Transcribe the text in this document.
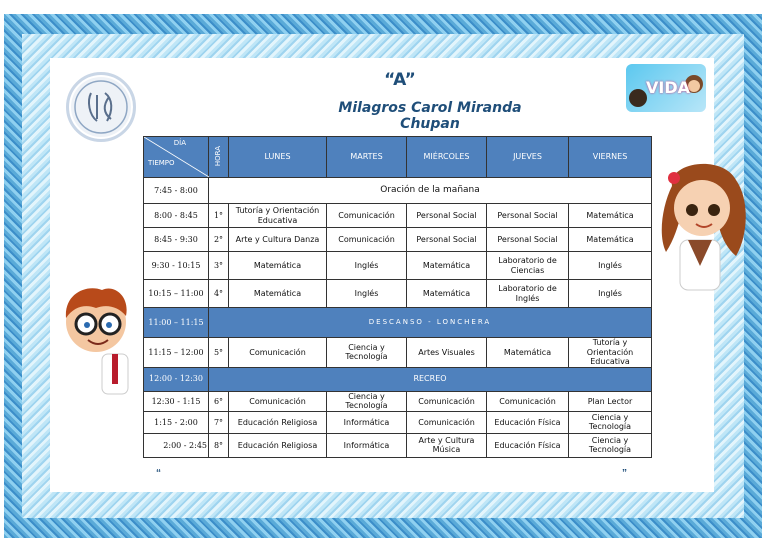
“A”
Milagros Carol Miranda Chupan
VIDA
DÍA
TIEMPO	HORA	LUNES	MARTES	MIÉRCOLES	JUEVES	VIERNES
7:45 - 8:00	Oración de la mañana					
8:00 - 8:45	1°	Tutoría y Orientación Educativa	Comunicación	Personal Social	Personal Social	Matemática
8:45 - 9:30	2°	Arte y Cultura Danza	Comunicación	Personal Social	Personal Social	Matemática
9:30 - 10:15	3°	Matemática	Inglés	Matemática	Laboratorio de Ciencias	Inglés
10:15 – 11:00	4°	Matemática	Inglés	Matemática	Laboratorio de Inglés	Inglés
11:00 – 11:15	DESCANSO - LONCHERA					
11:15 – 12:00	5°	Comunicación	Ciencia y Tecnología	Artes Visuales	Matemática	Tutoría y Orientación Educativa
12:00 - 12:30	RECREO					
12:30 - 1:15	6°	Comunicación	Ciencia y Tecnología	Comunicación	Comunicación	Plan Lector
1:15 - 2:00	7°	Educación Religiosa	Informática	Comunicación	Educación Física	Ciencia y Tecnología
2:00 - 2:45	8°	Educación Religiosa	Informática	Arte y Cultura Música	Educación Física	Ciencia y Tecnología
“	”
